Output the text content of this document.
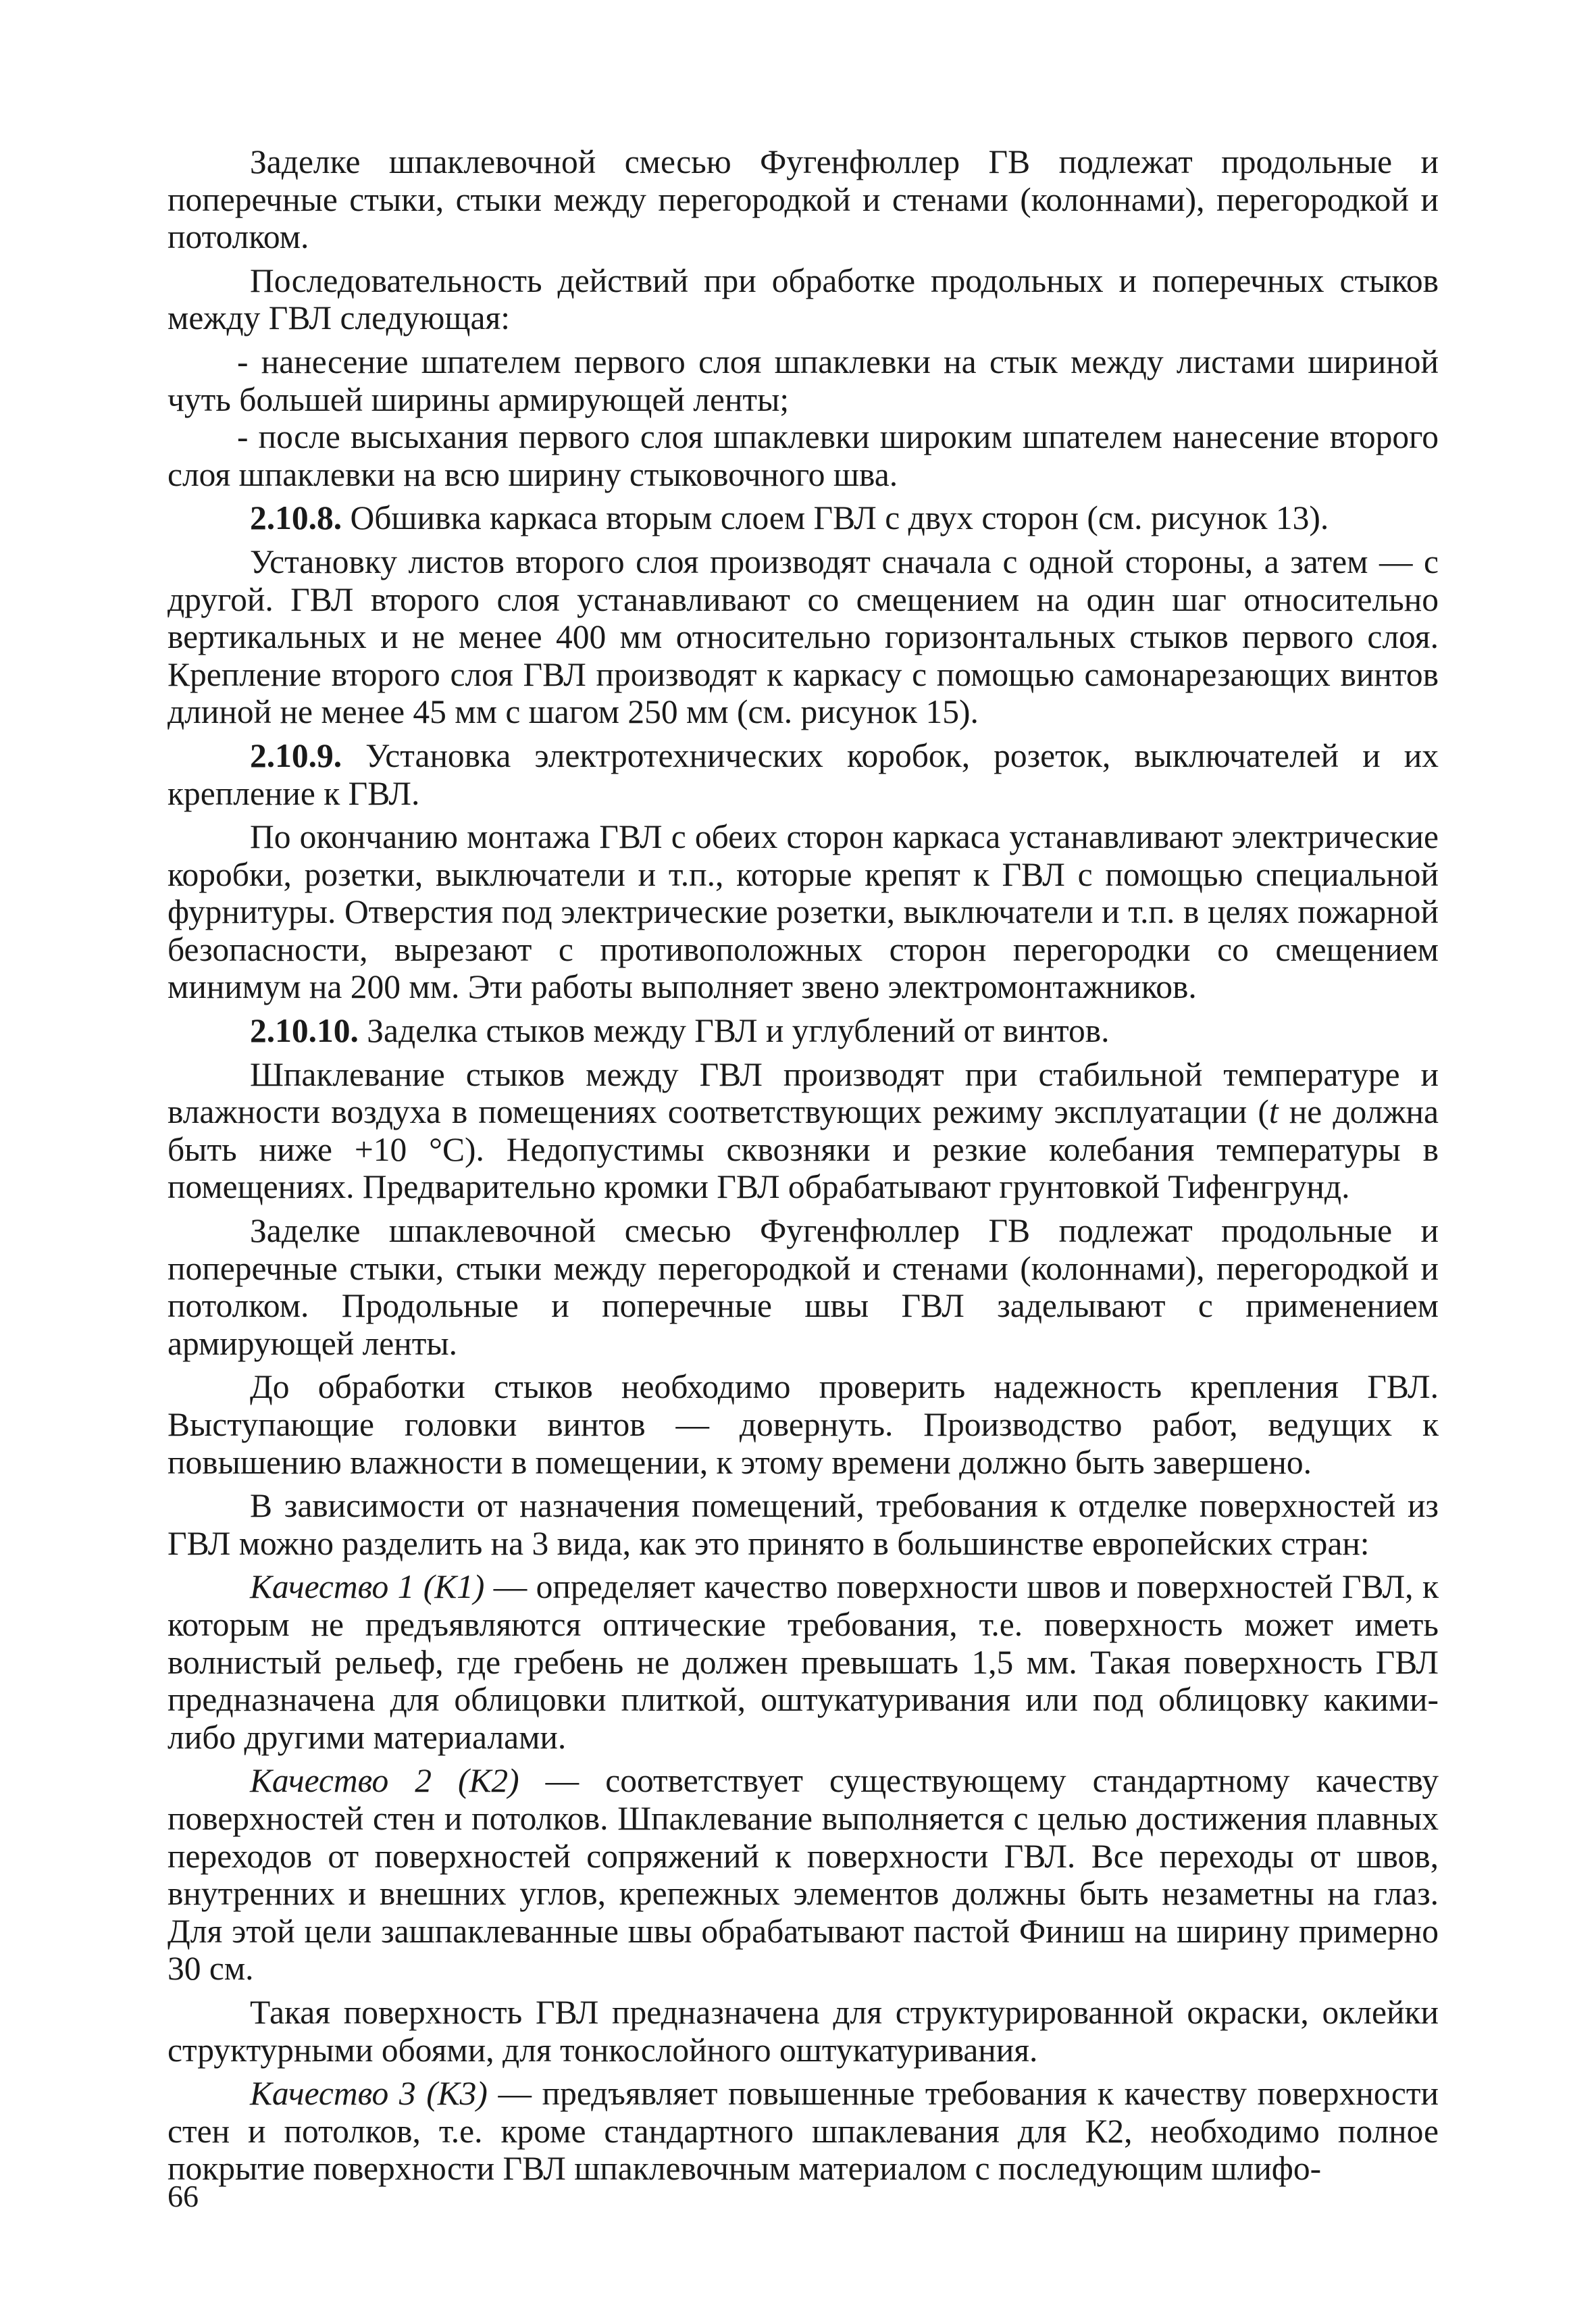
Заделке шпаклевочной смесью Фугенфюллер ГВ подлежат продольные и поперечные стыки, стыки между перегородкой и стенами (колоннами), перегородкой и потолком.

Последовательность действий при обработке продольных и поперечных стыков между ГВЛ следующая:

- нанесение шпателем первого слоя шпаклевки на стык между листами шириной чуть большей ширины армирующей ленты;

- после высыхания первого слоя шпаклевки широким шпателем нанесение второго слоя шпаклевки на всю ширину стыковочного шва.

2.10.8. Обшивка каркаса вторым слоем ГВЛ с двух сторон (см. рисунок 13).

Установку листов второго слоя производят сначала с одной стороны, а затем — с другой. ГВЛ второго слоя устанавливают со смещением на один шаг относительно вертикальных и не менее 400 мм относительно горизонтальных стыков первого слоя. Крепление второго слоя ГВЛ производят к каркасу с помощью самонарезающих винтов длиной не менее 45 мм с шагом 250 мм (см. рисунок 15).

2.10.9. Установка электротехнических коробок, розеток, выключателей и их крепление к ГВЛ.

По окончанию монтажа ГВЛ с обеих сторон каркаса устанавливают электрические коробки, розетки, выключатели и т.п., которые крепят к ГВЛ с помощью специальной фурнитуры. Отверстия под электрические розетки, выключатели и т.п. в целях пожарной безопасности, вырезают с противоположных сторон перегородки со смещением минимум на 200 мм. Эти работы выполняет звено электромонтажников.

2.10.10. Заделка стыков между ГВЛ и углублений от винтов.

Шпаклевание стыков между ГВЛ производят при стабильной температуре и влажности воздуха в помещениях соответствующих режиму эксплуатации (t не должна быть ниже +10 °С). Недопустимы сквозняки и резкие колебания температуры в помещениях. Предварительно кромки ГВЛ обрабатывают грунтовкой Тифенгрунд.

Заделке шпаклевочной смесью Фугенфюллер ГВ подлежат продольные и поперечные стыки, стыки между перегородкой и стенами (колоннами), перегородкой и потолком. Продольные и поперечные швы ГВЛ заделывают с применением армирующей ленты.

До обработки стыков необходимо проверить надежность крепления ГВЛ. Выступающие головки винтов — довернуть. Производство работ, ведущих к повышению влажности в помещении, к этому времени должно быть завершено.

В зависимости от назначения помещений, требования к отделке поверхностей из ГВЛ можно разделить на 3 вида, как это принято в большинстве европейских стран:

Качество 1 (К1) — определяет качество поверхности швов и поверхностей ГВЛ, к которым не предъявляются оптические требования, т.е. поверхность может иметь волнистый рельеф, где гребень не должен превышать 1,5 мм. Такая поверхность ГВЛ предназначена для облицовки плиткой, оштукатуривания или под облицовку какими-либо другими материалами.

Качество 2 (К2) — соответствует существующему стандартному качеству поверхностей стен и потолков. Шпаклевание выполняется с целью достижения плавных переходов от поверхностей сопряжений к поверхности ГВЛ. Все переходы от швов, внутренних и внешних углов, крепежных элементов должны быть незаметны на глаз. Для этой цели зашпаклеванные швы обрабатывают пастой Финиш на ширину примерно 30 см.

Такая поверхность ГВЛ предназначена для структурированной окраски, оклейки структурными обоями, для тонкослойного оштукатуривания.

Качество 3 (К3) — предъявляет повышенные требования к качеству поверхности стен и потолков, т.е. кроме стандартного шпаклевания для К2, необходимо полное покрытие поверхности ГВЛ шпаклевочным материалом с последующим шлифо-

66
